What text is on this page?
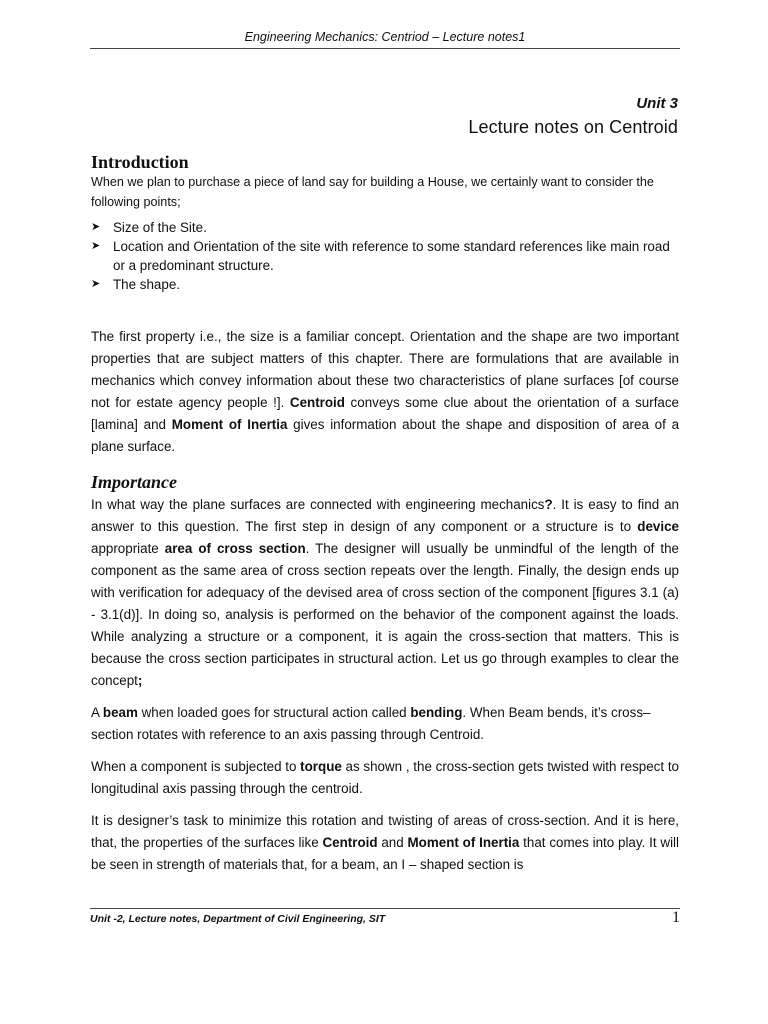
Engineering Mechanics: Centriod – Lecture notes1
Unit 3
Lecture notes on Centroid
Introduction

When we plan to purchase a piece of land say for building a House, we certainly want to consider the following points;

➤ Size of the Site.
➤ Location and Orientation of the site with reference to some standard references like main road or a predominant structure.
➤ The shape.

The first property i.e., the size is a familiar concept. Orientation and the shape are two important properties that are subject matters of this chapter. There are formulations that are available in mechanics which convey information about these two characteristics of plane surfaces [of course not for estate agency people !]. Centroid conveys some clue about the orientation of a surface [lamina] and Moment of Inertia gives information about the shape and disposition of area of a plane surface.

Importance

In what way the plane surfaces are connected with engineering mechanics?. It is easy to find an answer to this question. The first step in design of any component or a structure is to device appropriate area of cross section. The designer will usually be unmindful of the length of the component as the same area of cross section repeats over the length. Finally, the design ends up with verification for adequacy of the devised area of cross section of the component [figures 3.1 (a) - 3.1(d)]. In doing so, analysis is performed on the behavior of the component against the loads. While analyzing a structure or a component, it is again the cross-section that matters. This is because the cross section participates in structural action. Let us go through examples to clear the concept;

A beam when loaded goes for structural action called bending. When Beam bends, it’s cross–section rotates with reference to an axis passing through Centroid.

When a component is subjected to torque as shown , the cross-section gets twisted with respect to longitudinal axis passing through the centroid.

It is designer’s task to minimize this rotation and twisting of areas of cross-section. And it is here, that, the properties of the surfaces like Centroid and Moment of Inertia that comes into play. It will be seen in strength of materials that, for a beam, an I – shaped section is

Unit -2, Lecture notes, Department of Civil Engineering, SIT	1
